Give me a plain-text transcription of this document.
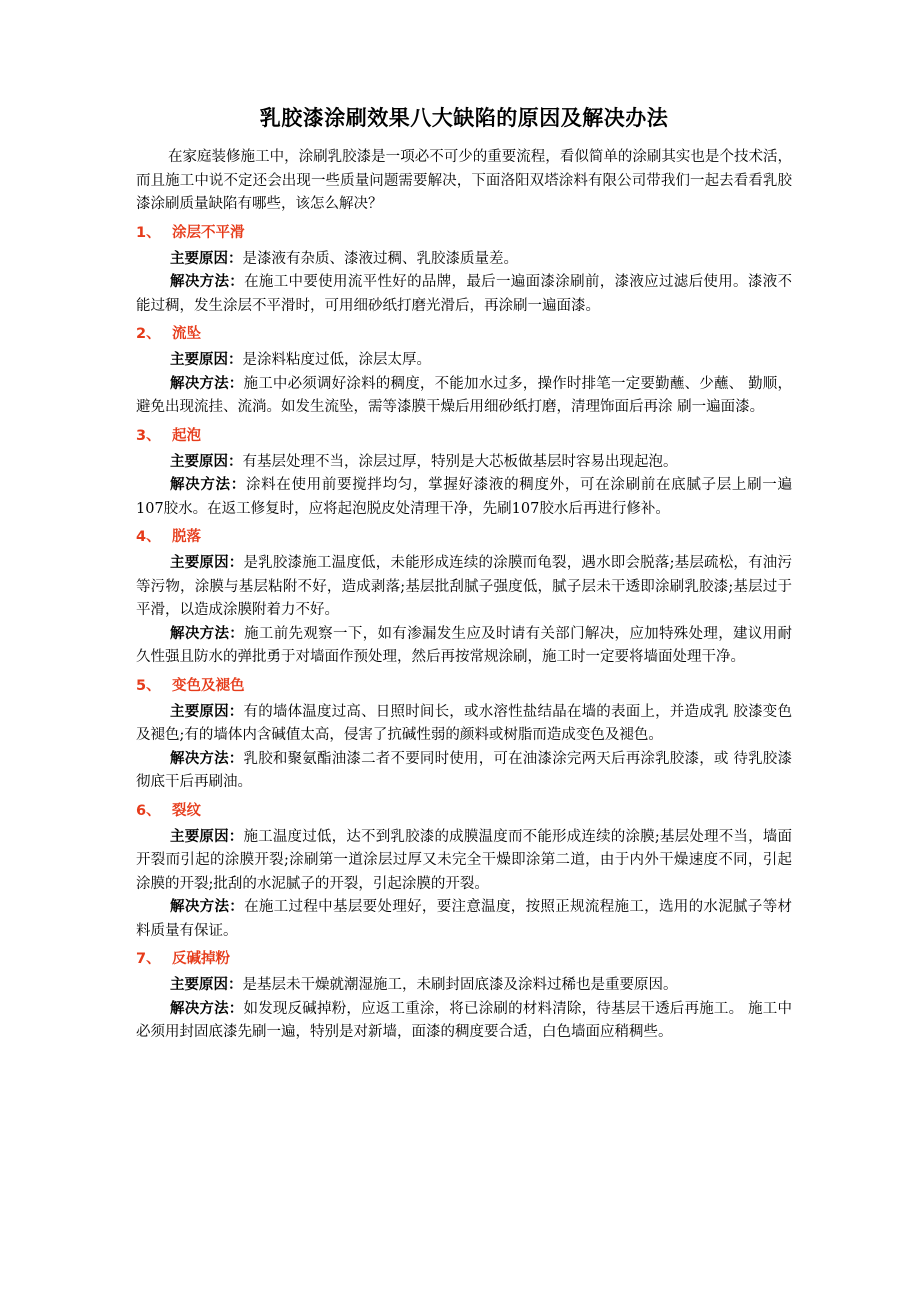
乳胶漆涂刷效果八大缺陷的原因及解决办法

在家庭装修施工中，涂刷乳胶漆是一项必不可少的重要流程，看似简单的涂刷其实也是个技术活，而且施工中说不定还会出现一些质量问题需要解决，下面洛阳双塔涂料有限公司带我们一起去看看乳胶漆涂刷质量缺陷有哪些，该怎么解决？

1、 涂层不平滑

主要原因：是漆液有杂质、漆液过稠、乳胶漆质量差。

解决方法：在施工中要使用流平性好的品牌，最后一遍面漆涂刷前，漆液应过滤后使用。漆液不能过稠，发生涂层不平滑时，可用细砂纸打磨光滑后，再涂刷一遍面漆。

2、 流坠

主要原因：是涂料粘度过低，涂层太厚。

解决方法：施工中必须调好涂料的稠度，不能加水过多，操作时排笔一定要勤蘸、少蘸、 勤顺，避免出现流挂、流淌。如发生流坠，需等漆膜干燥后用细砂纸打磨，清理饰面后再涂 刷一遍面漆。

3、 起泡

主要原因：有基层处理不当，涂层过厚，特别是大芯板做基层时容易出现起泡。

解决方法：涂料在使用前要搅拌均匀，掌握好漆液的稠度外，可在涂刷前在底腻子层上刷一遍107胶水。在返工修复时，应将起泡脱皮处清理干净，先刷107胶水后再进行修补。

4、 脱落

主要原因：是乳胶漆施工温度低，未能形成连续的涂膜而龟裂，遇水即会脱落;基层疏松，有油污等污物，涂膜与基层粘附不好，造成剥落;基层批刮腻子强度低，腻子层未干透即涂刷乳胶漆;基层过于平滑，以造成涂膜附着力不好。

解决方法：施工前先观察一下，如有渗漏发生应及时请有关部门解决，应加特殊处理，建议用耐久性强且防水的弹批勇于对墙面作预处理，然后再按常规涂刷，施工时一定要将墙面处理干净。

5、 变色及褪色

主要原因：有的墙体温度过高、日照时间长，或水溶性盐结晶在墙的表面上，并造成乳 胶漆变色及褪色;有的墙体内含碱值太高，侵害了抗碱性弱的颜料或树脂而造成变色及褪色。

解决方法：乳胶和聚氨酯油漆二者不要同时使用，可在油漆涂完两天后再涂乳胶漆，或 待乳胶漆彻底干后再刷油。

6、 裂纹

主要原因：施工温度过低，达不到乳胶漆的成膜温度而不能形成连续的涂膜;基层处理不当，墙面开裂而引起的涂膜开裂;涂刷第一道涂层过厚又未完全干燥即涂第二道，由于内外干燥速度不同，引起涂膜的开裂;批刮的水泥腻子的开裂，引起涂膜的开裂。

解决方法：在施工过程中基层要处理好，要注意温度，按照正规流程施工，选用的水泥腻子等材料质量有保证。

7、 反碱掉粉

主要原因：是基层未干燥就潮湿施工，未刷封固底漆及涂料过稀也是重要原因。

解决方法：如发现反碱掉粉，应返工重涂，将已涂刷的材料清除，待基层干透后再施工。 施工中必须用封固底漆先刷一遍，特别是对新墙，面漆的稠度要合适，白色墙面应稍稠些。
